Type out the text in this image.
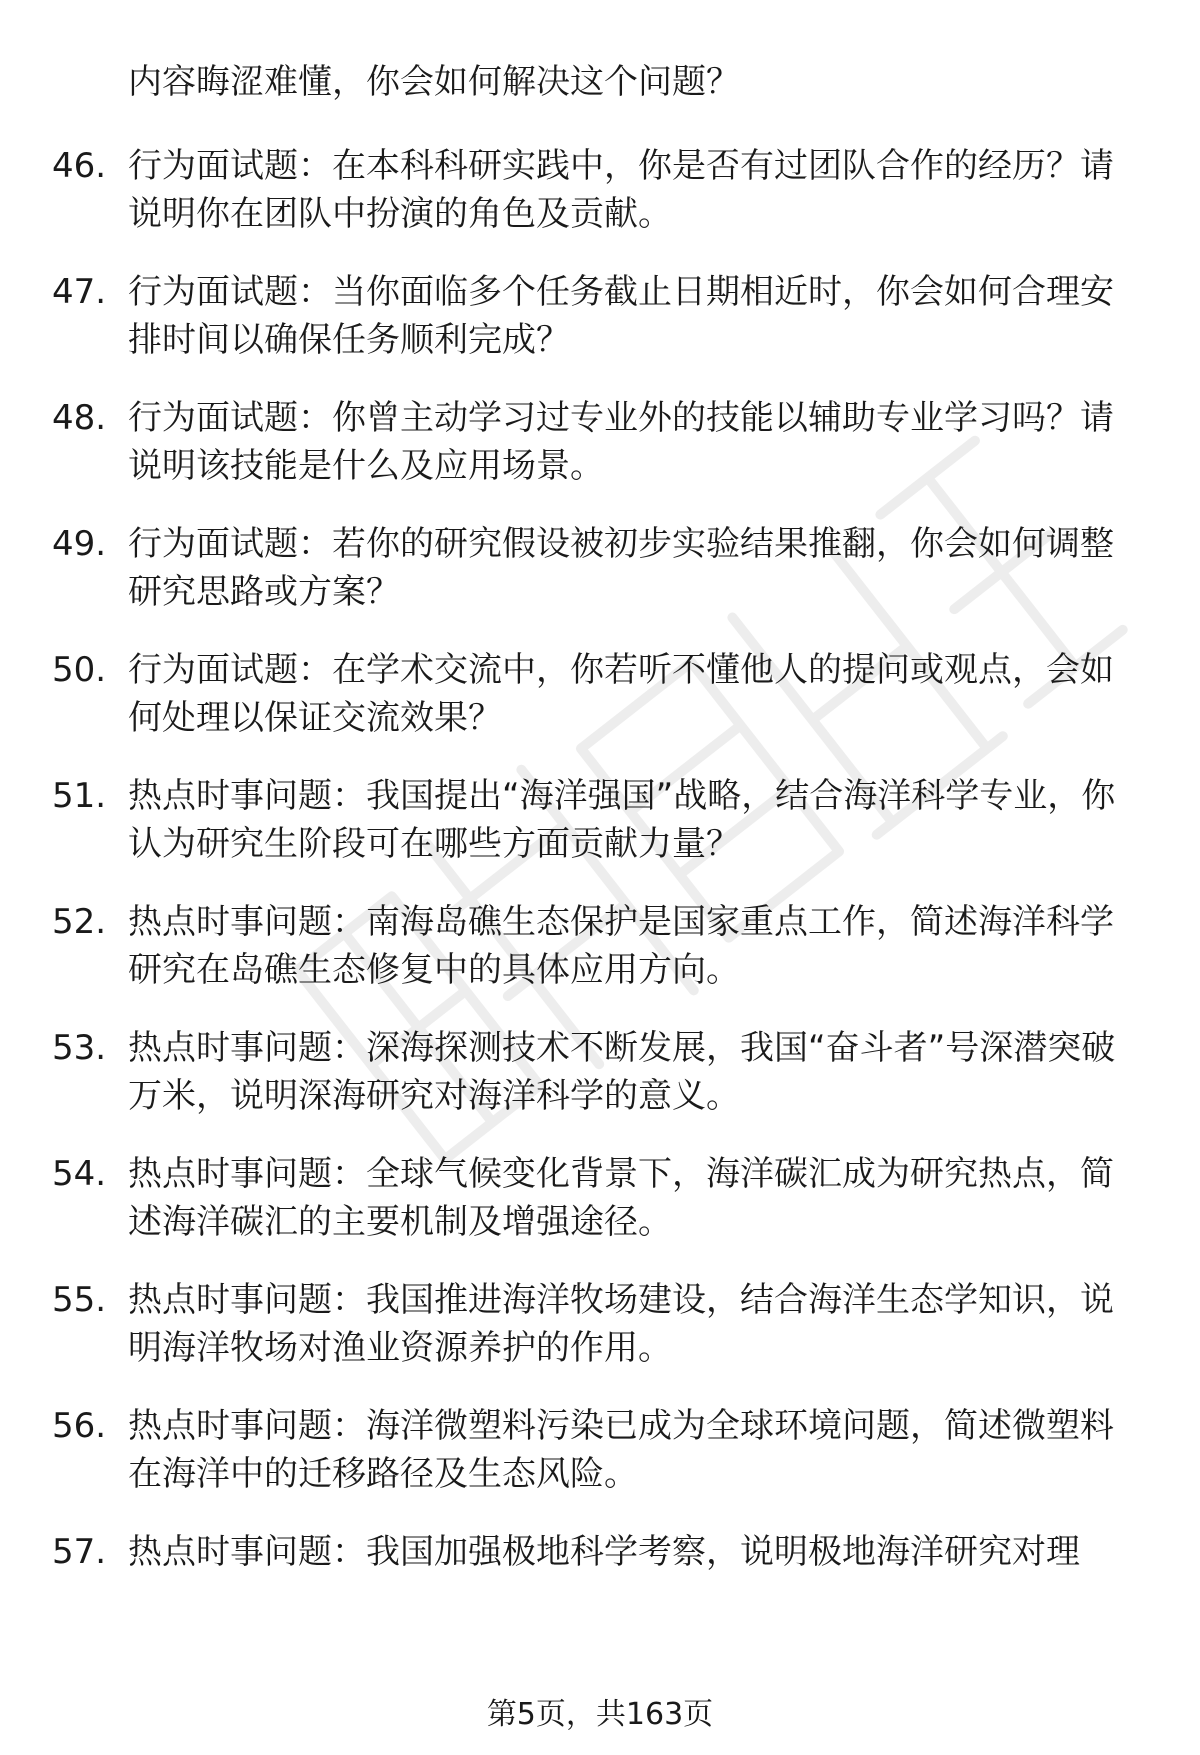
内容晦涩难懂，你会如何解决这个问题？
46. 行为面试题：在本科科研实践中，你是否有过团队合作的经历？请说明你在团队中扮演的角色及贡献。
47. 行为面试题：当你面临多个任务截止日期相近时，你会如何合理安排时间以确保任务顺利完成？
48. 行为面试题：你曾主动学习过专业外的技能以辅助专业学习吗？请说明该技能是什么及应用场景。
49. 行为面试题：若你的研究假设被初步实验结果推翻，你会如何调整研究思路或方案？
50. 行为面试题：在学术交流中，你若听不懂他人的提问或观点，会如何处理以保证交流效果？
51. 热点时事问题：我国提出“海洋强国”战略，结合海洋科学专业，你认为研究生阶段可在哪些方面贡献力量？
52. 热点时事问题：南海岛礁生态保护是国家重点工作，简述海洋科学研究在岛礁生态修复中的具体应用方向。
53. 热点时事问题：深海探测技术不断发展，我国“奋斗者”号深潜突破万米，说明深海研究对海洋科学的意义。
54. 热点时事问题：全球气候变化背景下，海洋碳汇成为研究热点，简述海洋碳汇的主要机制及增强途径。
55. 热点时事问题：我国推进海洋牧场建设，结合海洋生态学知识，说明海洋牧场对渔业资源养护的作用。
56. 热点时事问题：海洋微塑料污染已成为全球环境问题，简述微塑料在海洋中的迁移路径及生态风险。
57. 热点时事问题：我国加强极地科学考察，说明极地海洋研究对理
第5页，共163页
